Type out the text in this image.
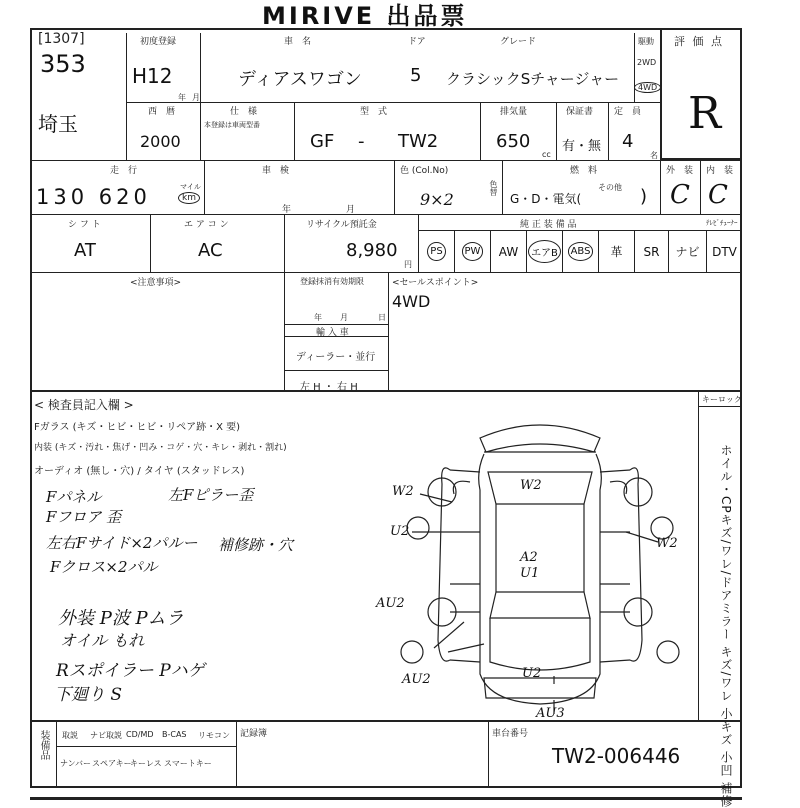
MIRIVE 出品票
[1307]
353
埼玉
初度登録
H12
年 月
車　名	ドア	グレード
ディアスワゴン	5 クラシックSチャージャー
駆動
2WD
4WD
評 価 点
R
西　暦
2000
仕　様
本登録は車両型番
型　式
GF - TW2
排気量
650
cc
保証書
有・無
定　員
4
名
走　行
130 620	マイル
km
車　検
年	月
色 (Col.No)
9×2
色替
燃　料
G・D・電気(
その他 )
外　装
C
内　装
C
シ フ ト
AT
エ ア コ ン
AC
リサイクル預託金
8,980
円
純 正 装 備 品	ﾃﾚﾋﾞﾁｭｰﾅｰ
PS	PW AW	エアB	ABS 革 SR ナビ DTV
<注意事項>	登録抹消有効期限
年 月	日
輸 入 車
ディーラー・並行
左 H ・ 右 H
<セールスポイント>
4WD
キーロック
ホイル・CPキズ/ワレ/ドアミラー キズ/ワレ 小キズ 小凹 補修
< 検査員記入欄 >
Fガラス (キズ・ヒビ・ヒビ・リペア跡・X 要)
内装 (キズ・汚れ・焦げ・凹み・コゲ・穴・キレ・剥れ・割れ)
オーディオ (無し・穴) / タイヤ (スタッドレス)
Fパネル
Fフロア 歪
左Fピラー歪
左右Fサイド×2パルー 補修跡・穴
Fクロス×2パル
外装 P波 Pムラ
オイル もれ
Rスポイラー Pハゲ
下廻り S
W2	W2
U2
W2
A2
U1
AU2
AU2	U2
AU3
装備品 取説 ナビ取説 CD/MD B-CAS リモコン
ナンバー スペアキー
キーレス スマートキー
記録簿	車台番号
TW2-006446
